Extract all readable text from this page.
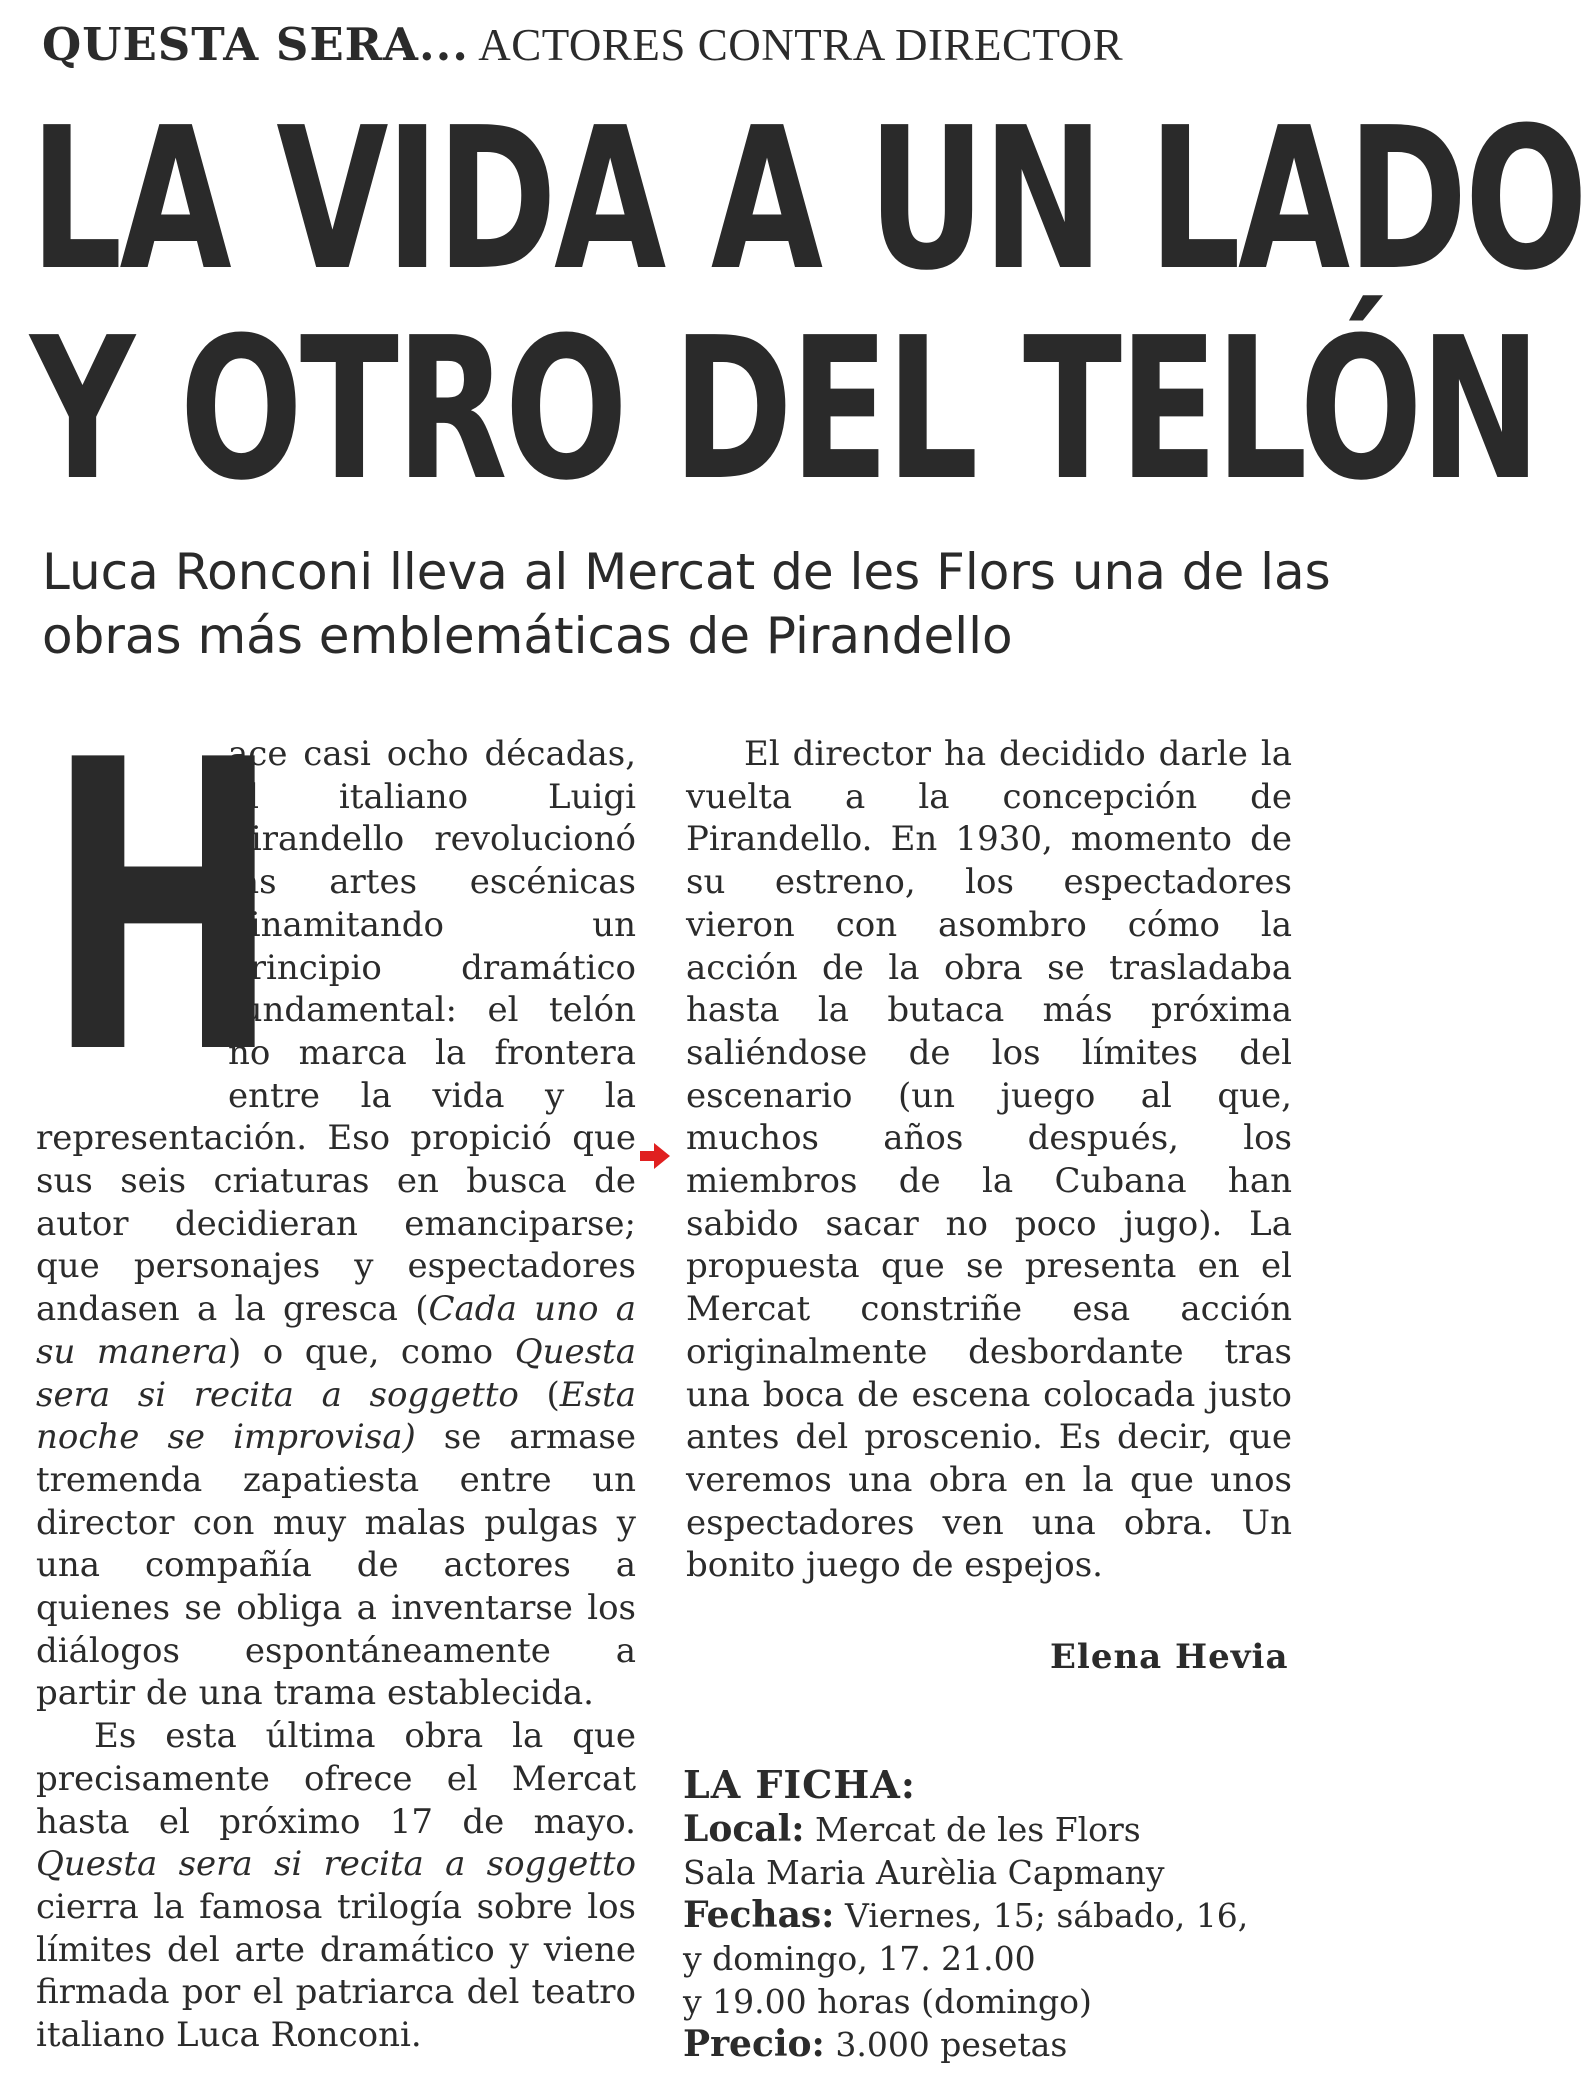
QUESTA SERA... ACTORES CONTRA DIRECTOR
LA VIDA A UN LADO
Y OTRO DEL TELÓN
Luca Ronconi lleva al Mercat de les Flors una de las obras más emblemáticas de Pirandello

H
ace casi ocho décadas, el italiano Luigi Pirandello revolucionó las artes escénicas dinamitando un principio dramático fundamental: el telón no marca la frontera entre la vida y la representación. Eso propició que sus seis criaturas en busca de autor decidieran emanciparse; que personajes y espectadores andasen a la gresca (Cada uno a su manera) o que, como Questa sera si recita a soggetto (Esta noche se improvisa) se armase tremenda zapatiesta entre un director con muy malas pulgas y una compañía de actores a quienes se obliga a inventarse los diálogos espontáneamente a partir de una trama establecida.

Es esta última obra la que precisamente ofrece el Mercat hasta el próximo 17 de mayo. Questa sera si recita a soggetto cierra la famosa trilogía sobre los límites del arte dramático y viene firmada por el patriarca del teatro italiano Luca Ronconi.

El director ha decidido darle la vuelta a la concepción de Pirandello. En 1930, momento de su estreno, los espectadores vieron con asombro cómo la acción de la obra se trasladaba hasta la butaca más próxima saliéndose de los límites del escenario (un juego al que, muchos años después, los miembros de la Cubana han sabido sacar no poco jugo). La propuesta que se presenta en el Mercat constriñe esa acción originalmente desbordante tras una boca de escena colocada justo antes del proscenio. Es decir, que veremos una obra en la que unos espectadores ven una obra. Un bonito juego de espejos.

Elena Hevia
LA FICHA:
Local: Mercat de les Flors
Sala Maria Aurèlia Capmany
Fechas: Viernes, 15; sábado, 16,
y domingo, 17. 21.00
y 19.00 horas (domingo)
Precio: 3.000 pesetas
